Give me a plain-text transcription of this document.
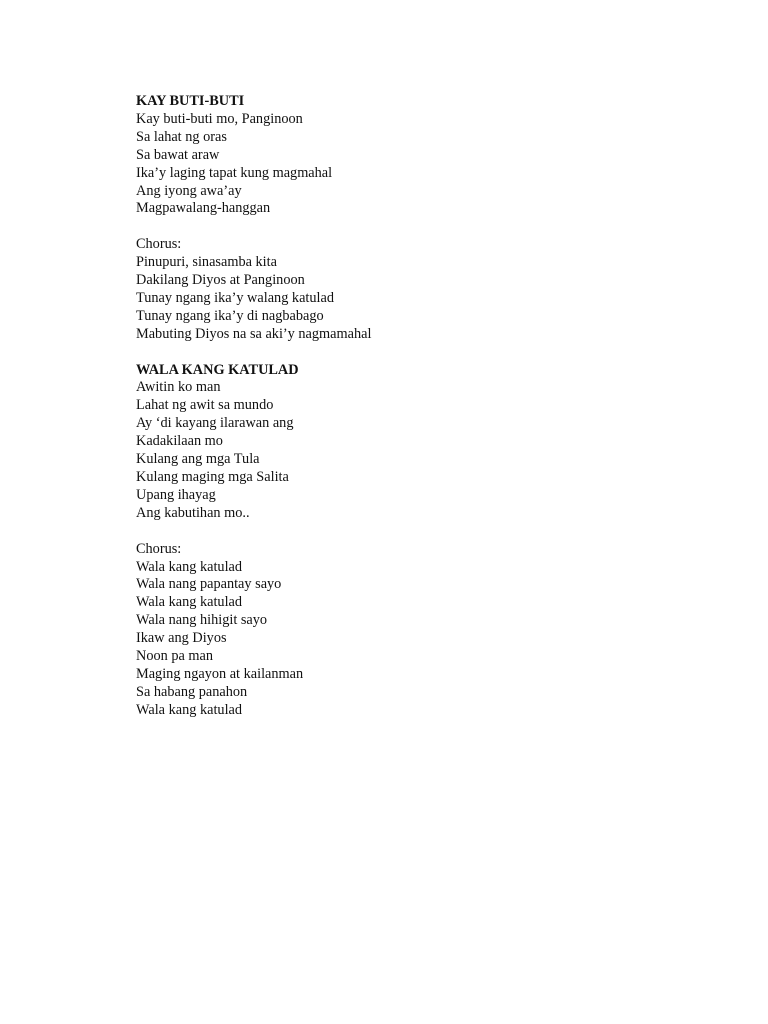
KAY BUTI-BUTI

Kay buti-buti mo, Panginoon

Sa lahat ng oras

Sa bawat araw

Ika’y laging tapat kung magmahal

Ang iyong awa’ay

Magpawalang-hanggan

Chorus:

Pinupuri, sinasamba kita

Dakilang Diyos at Panginoon

Tunay ngang ika’y walang katulad

Tunay ngang ika’y di nagbabago

Mabuting Diyos na sa aki’y nagmamahal

WALA KANG KATULAD

Awitin ko man

Lahat ng awit sa mundo

Ay ‘di kayang ilarawan ang

Kadakilaan mo

Kulang ang mga Tula

Kulang maging mga Salita

Upang ihayag

Ang kabutihan mo..

Chorus:

Wala kang katulad

Wala nang papantay sayo

Wala kang katulad

Wala nang hihigit sayo

Ikaw ang Diyos

Noon pa man

Maging ngayon at kailanman

Sa habang panahon

Wala kang katulad
